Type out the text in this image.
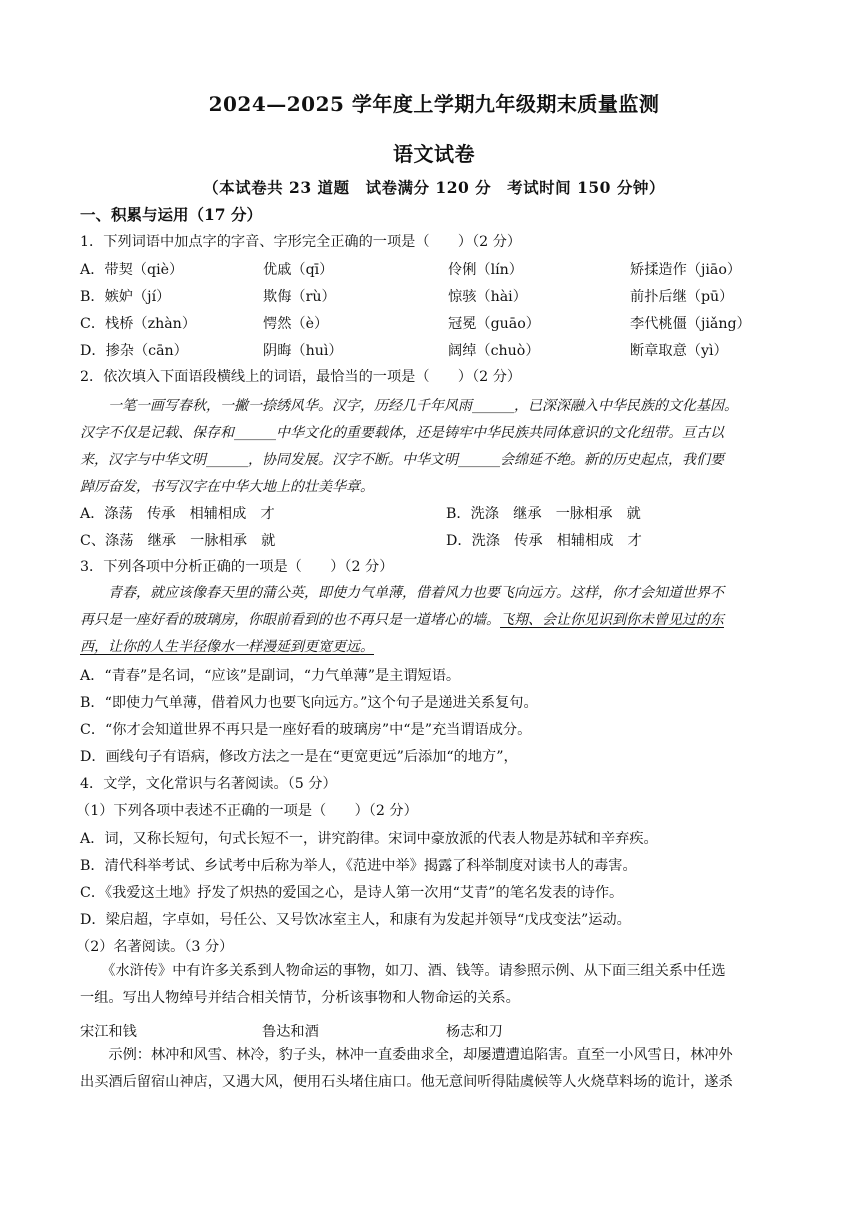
2024—2025 学年度上学期九年级期末质量监测
语文试卷
（本试卷共 23 道题　试卷满分 120 分　考试时间 150 分钟）
一、积累与运用（17 分）
1．下列词语中加点字的字音、字形完全正确的一项是（　　）（2 分）
A．带契（qiè）	优戚（qī）	伶俐（lín）	矫揉造作（jiāo）
B．嫉妒（jí）	欺侮（rù）	惊骇（hài）	前扑后继（pū）
C．栈桥（zhàn）	愕然（è）	冠冕（guāo）	李代桃僵（jiǎng）
D．掺杂（cān）	阴晦（huì）	阔绰（chuò）	断章取意（yì）
2．依次填入下面语段横线上的词语，最恰当的一项是（　　）（2 分）
　　一笔一画写春秋，一撇一捺绣风华。汉字，历经几千年风雨______，已深深融入中华民族的文化基因。
汉字不仅是记载、保存和______中华文化的重要载体，还是铸牢中华民族共同体意识的文化纽带。亘古以
来，汉字与中华文明______，协同发展。汉字不断。中华文明______会绵延不绝。新的历史起点，我们要
踔厉奋发，书写汉字在中华大地上的壮美华章。
A．涤荡　传承　相辅相成　才	B．洗涤　继承　一脉相承　就
C、涤荡　继承　一脉相承　就	D．洗涤　传承　相辅相成　才
3．下列各项中分析正确的一项是（　　）（2 分）
　　青春，就应该像春天里的蒲公英，即使力气单薄，借着风力也要飞向远方。这样，你才会知道世界不
再只是一座好看的玻璃房，你眼前看到的也不再只是一道堵心的墙。飞翔、会让你见识到你未曾见过的东
西，让你的人生半径像水一样漫延到更宽更远。
A．“青春”是名词，“应该”是副词，“力气单薄”是主谓短语。
B．“即使力气单薄，借着风力也要飞向远方。”这个句子是递进关系复句。
C．“你才会知道世界不再只是一座好看的玻璃房”中“是”充当谓语成分。
D．画线句子有语病，修改方法之一是在“更宽更远”后添加“的地方”，
4．文学，文化常识与名著阅读。（5 分）
（1）下列各项中表述不正确的一项是（　　）（2 分）
A．词，又称长短句，句式长短不一，讲究韵律。宋词中豪放派的代表人物是苏轼和辛弃疾。
B．清代科举考试、乡试考中后称为举人，《范进中举》揭露了科举制度对读书人的毒害。
C．《我爱这土地》抒发了炽热的爱国之心，是诗人第一次用“艾青”的笔名发表的诗作。
D．梁启超，字卓如，号任公、又号饮冰室主人，和康有为发起并领导“戊戌变法”运动。
（2）名著阅读。（3 分）
　　《水浒传》中有许多关系到人物命运的事物，如刀、酒、钱等。请参照示例、从下面三组关系中任选
一组。写出人物绰号并结合相关情节，分析该事物和人物命运的关系。
宋江和钱	鲁达和酒	杨志和刀
　　示例：林冲和风雪、林冷，豹子头，林冲一直委曲求全，却屡遭遭追陷害。直至一小风雪日，林冲外
出买酒后留宿山神店，又遇大风，便用石头堵住庙口。他无意间听得陆虞候等人火烧草料场的诡计，遂杀
